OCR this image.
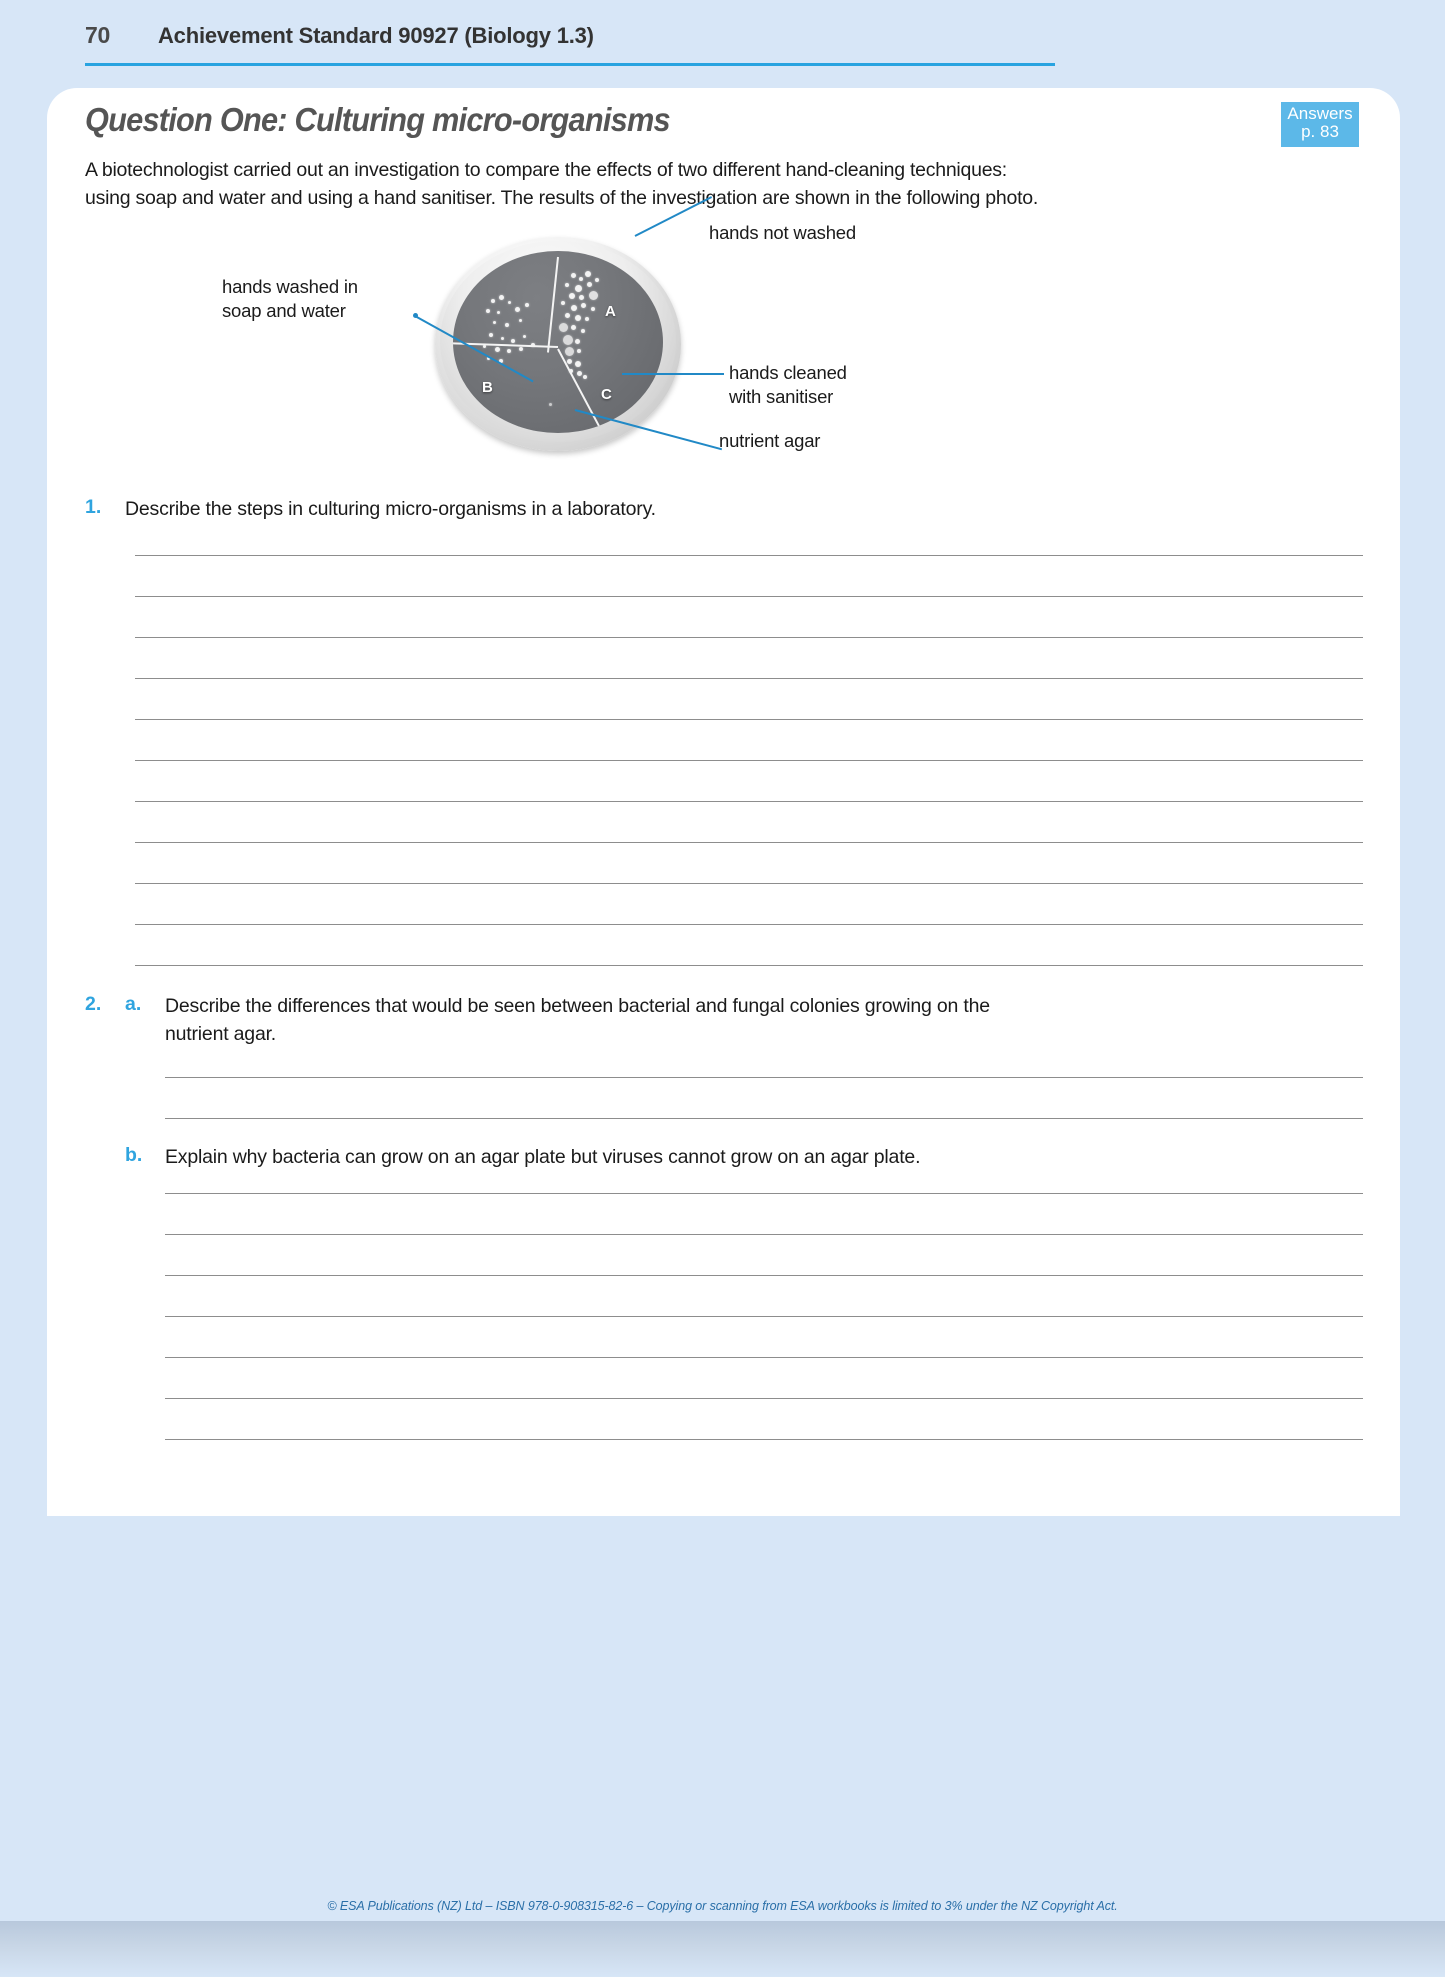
70 Achievement Standard 90927 (Biology 1.3)
Answers
p. 83
Question One: Culturing micro-organisms
A biotechnologist carried out an investigation to compare the effects of two different hand-cleaning techniques:
using soap and water and using a hand sanitiser. The results of the investigation are shown in the following photo.
A
B	C
hands not washed
hands washed in
soap and water
hands cleaned
with sanitiser
nutrient agar
1. Describe the steps in culturing micro-organisms in a laboratory.
2. a. Describe the differences that would be seen between bacterial and fungal colonies growing on the
nutrient agar.
b. Explain why bacteria can grow on an agar plate but viruses cannot grow on an agar plate.
© ESA Publications (NZ) Ltd – ISBN 978-0-908315-82-6 – Copying or scanning from ESA workbooks is limited to 3% under the NZ Copyright Act.
